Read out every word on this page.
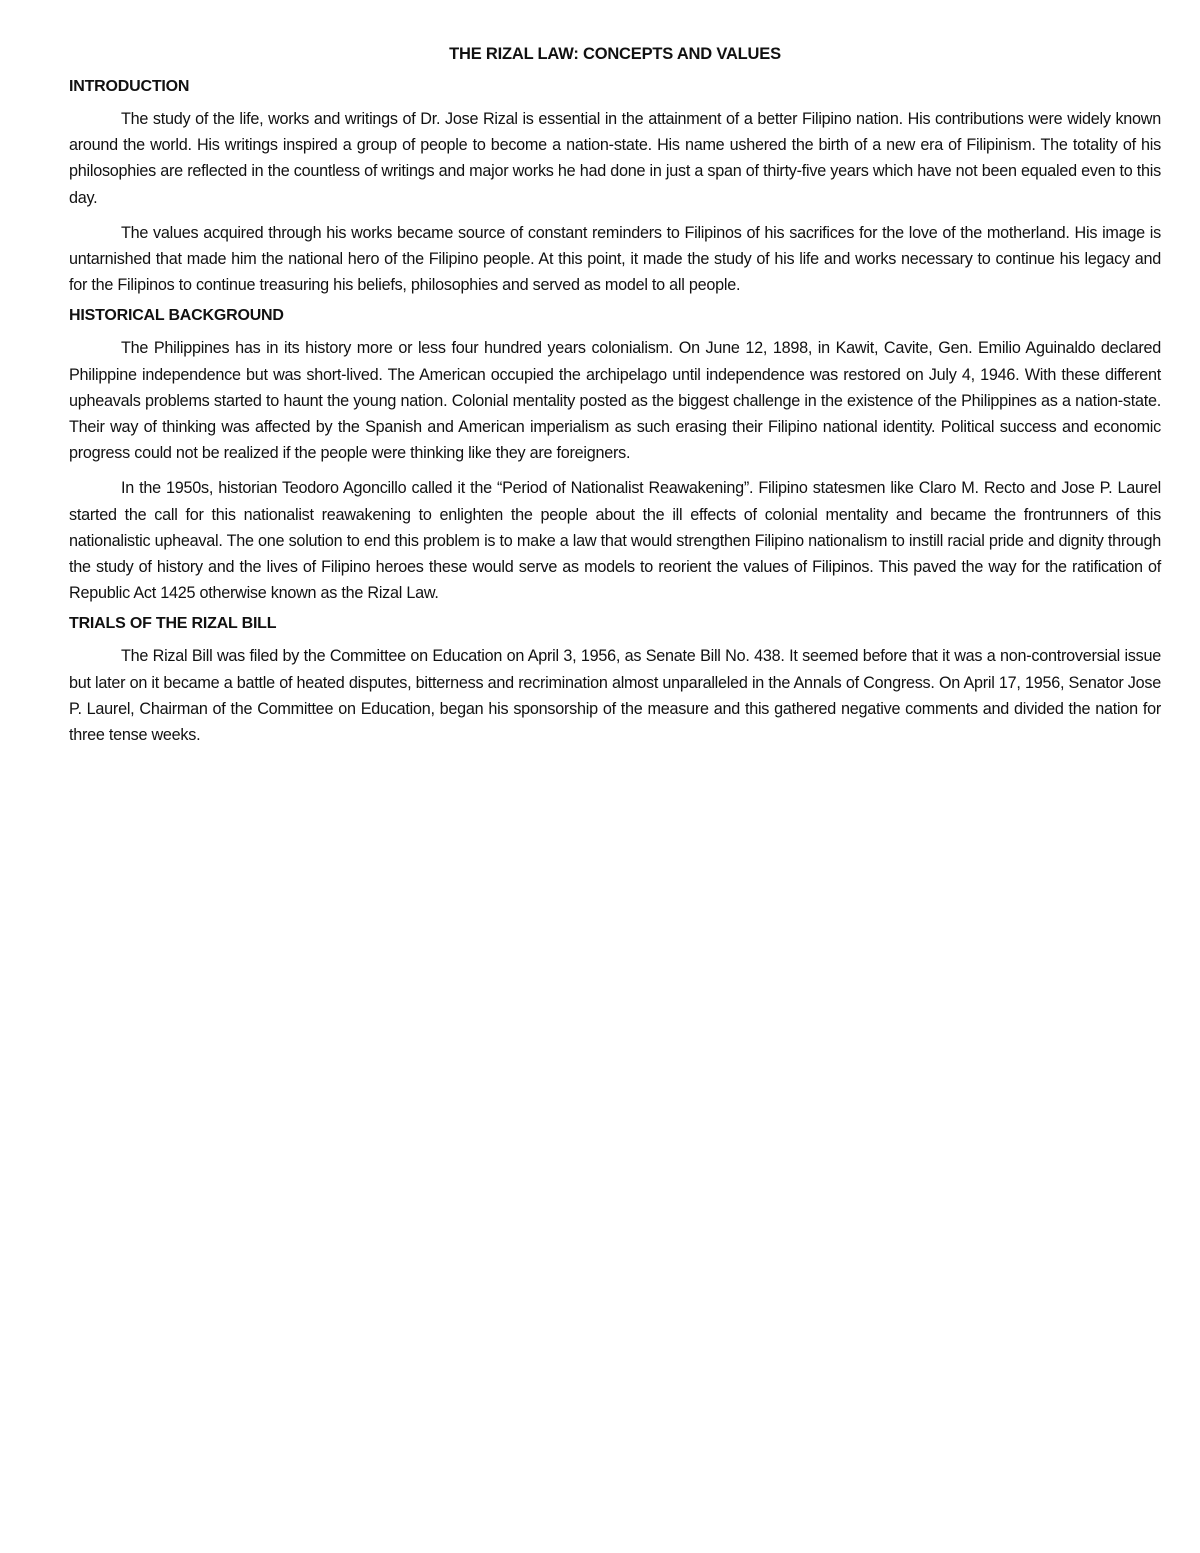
THE RIZAL LAW: CONCEPTS AND VALUES
INTRODUCTION

The study of the life, works and writings of Dr. Jose Rizal is essential in the attainment of a better Filipino nation. His contributions were widely known around the world. His writings inspired a group of people to become a nation-state. His name ushered the birth of a new era of Filipinism. The totality of his philosophies are reflected in the countless of writings and major works he had done in just a span of thirty-five years which have not been equaled even to this day.

The values acquired through his works became source of constant reminders to Filipinos of his sacrifices for the love of the motherland. His image is untarnished that made him the national hero of the Filipino people. At this point, it made the study of his life and works necessary to continue his legacy and for the Filipinos to continue treasuring his beliefs, philosophies and served as model to all people.

HISTORICAL BACKGROUND

The Philippines has in its history more or less four hundred years colonialism. On June 12, 1898, in Kawit, Cavite, Gen. Emilio Aguinaldo declared Philippine independence but was short-lived. The American occupied the archipelago until independence was restored on July 4, 1946. With these different upheavals problems started to haunt the young nation. Colonial mentality posted as the biggest challenge in the existence of the Philippines as a nation-state. Their way of thinking was affected by the Spanish and American imperialism as such erasing their Filipino national identity. Political success and economic progress could not be realized if the people were thinking like they are foreigners.

In the 1950s, historian Teodoro Agoncillo called it the “Period of Nationalist Reawakening”. Filipino statesmen like Claro M. Recto and Jose P. Laurel started the call for this nationalist reawakening to enlighten the people about the ill effects of colonial mentality and became the frontrunners of this nationalistic upheaval. The one solution to end this problem is to make a law that would strengthen Filipino nationalism to instill racial pride and dignity through the study of history and the lives of Filipino heroes these would serve as models to reorient the values of Filipinos. This paved the way for the ratification of Republic Act 1425 otherwise known as the Rizal Law.

TRIALS OF THE RIZAL BILL

The Rizal Bill was filed by the Committee on Education on April 3, 1956, as Senate Bill No. 438. It seemed before that it was a non-controversial issue but later on it became a battle of heated disputes, bitterness and recrimination almost unparalleled in the Annals of Congress. On April 17, 1956, Senator Jose P. Laurel, Chairman of the Committee on Education, began his sponsorship of the measure and this gathered negative comments and divided the nation for three tense weeks.
